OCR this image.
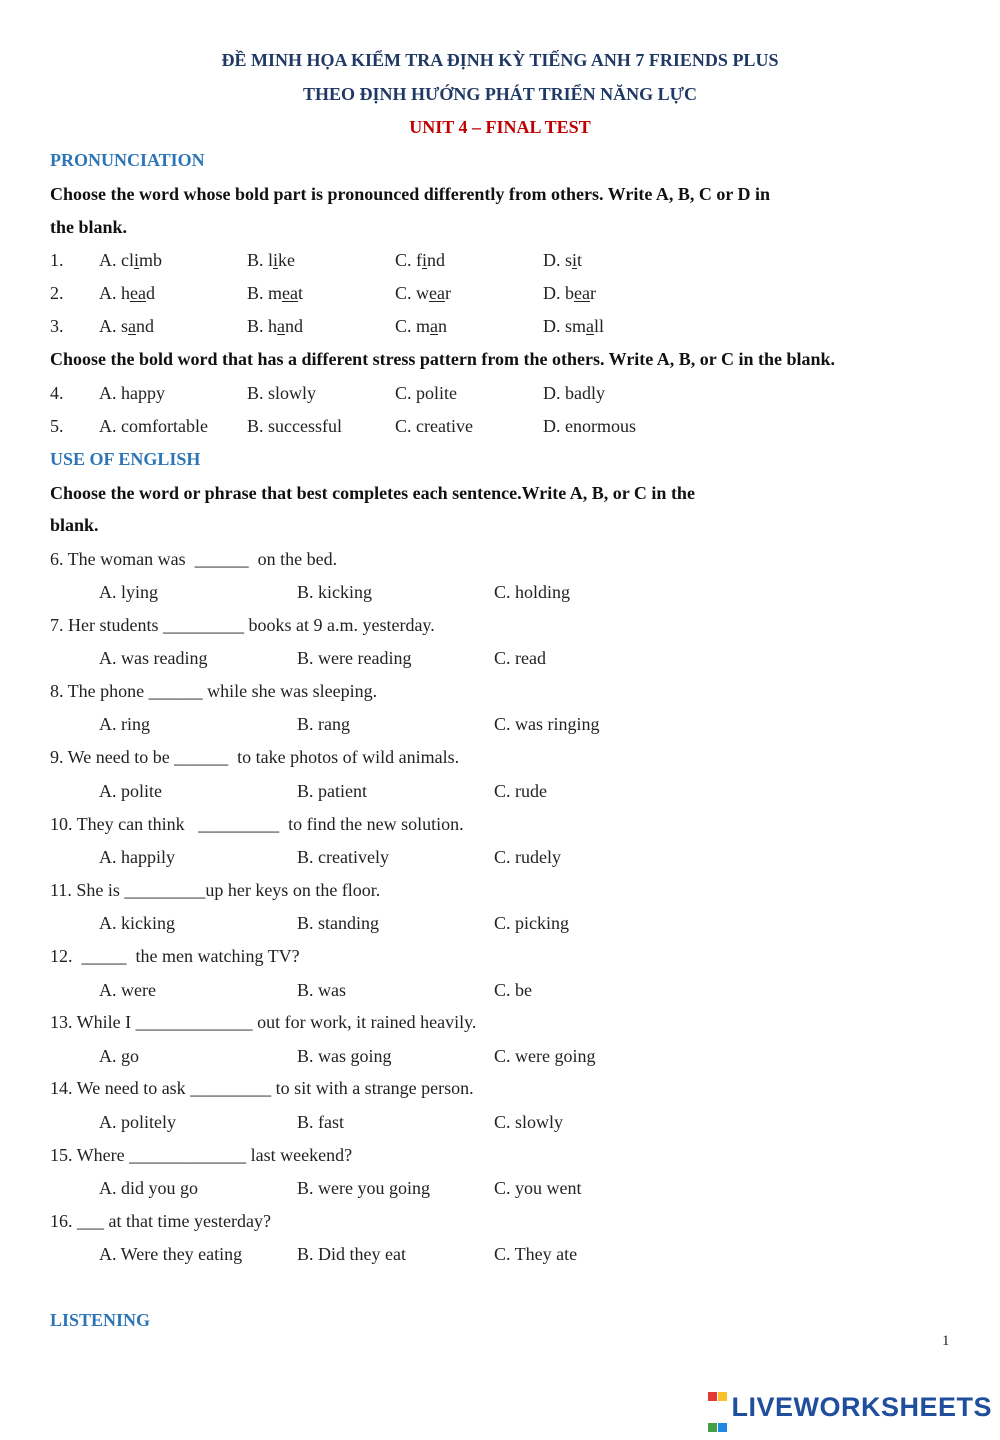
ĐỀ MINH HỌA KIỂM TRA ĐỊNH KỲ TIẾNG ANH 7 FRIENDS PLUS
THEO ĐỊNH HƯỚNG PHÁT TRIỂN NĂNG LỰC
UNIT 4 – FINAL TEST
PRONUNCIATION
Choose the word whose bold part is pronounced differently from others. Write A, B, C or D in
the blank.
1. A. climb	B. like	C. find	D. sit
2. A. head	B. meat	C. wear	D. bear
3. A. sand	B. hand	C. man	D. small
Choose the bold word that has a different stress pattern from the others. Write A, B, or C in the blank.
4. A. happy	B. slowly	C. polite	D. badly
5. A. comfortable B. successful	C. creative	D. enormous
USE OF ENGLISH
Choose the word or phrase that best completes each sentence.Write A, B, or C in the
blank.
6. The woman was  ______  on the bed.
A. lying	B. kicking	C. holding
7. Her students _________ books at 9 a.m. yesterday.
A. was reading	B. were reading	C. read
8. The phone ______ while she was sleeping.
A. ring	B. rang	C. was ringing
9. We need to be ______  to take photos of wild animals.
A. polite	B. patient	C. rude
10. They can think   _________  to find the new solution.
A. happily	B. creatively	C. rudely
11. She is _________up her keys on the floor.
A. kicking	B. standing	C. picking
12.  _____  the men watching TV?
A. were	B. was	C. be
13. While I _____________ out for work, it rained heavily.
A. go	B. was going	C. were going
14. We need to ask _________ to sit with a strange person.
A. politely	B. fast	C. slowly
15. Where _____________ last weekend?
A. did you go	B. were you going	C. you went
16. ___ at that time yesterday?
A. Were they eating	B. Did they eat	C. They ate
LISTENING
1

LIVEWORKSHEETS
